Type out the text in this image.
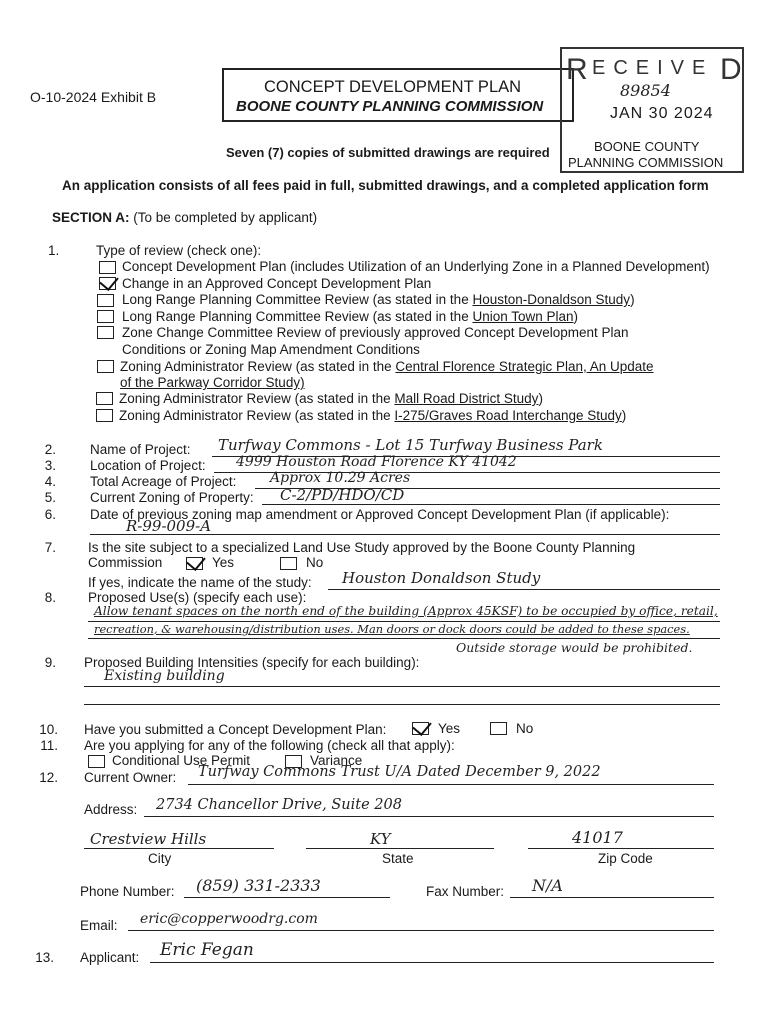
O-10-2024 Exhibit B
CONCEPT DEVELOPMENT PLAN
BOONE COUNTY PLANNING COMMISSION
R ECEIVE D
89854
JAN 30 2024
BOONE COUNTY
PLANNING COMMISSION
Seven (7) copies of submitted drawings are required
An application consists of all fees paid in full, submitted drawings, and a completed application form
SECTION A: (To be completed by applicant)
1.	Type of review (check one):
Concept Development Plan (includes Utilization of an Underlying Zone in a Planned Development)
Change in an Approved Concept Development Plan
Long Range Planning Committee Review (as stated in the Houston-Donaldson Study)
Long Range Planning Committee Review (as stated in the Union Town Plan)
Zone Change Committee Review of previously approved Concept Development Plan
Conditions or Zoning Map Amendment Conditions
Zoning Administrator Review (as stated in the Central Florence Strategic Plan, An Update
of the Parkway Corridor Study)
Zoning Administrator Review (as stated in the Mall Road District Study)
Zoning Administrator Review (as stated in the I-275/Graves Road Interchange Study)
2.	Name of Project: Turfway Commons - Lot 15 Turfway Business Park
3.	Location of Project: 4999 Houston Road Florence KY 41042
4.	Total Acreage of Project: Approx 10.29 Acres
5.	Current Zoning of Property: C-2/PD/HDO/CD
6.	Date of previous zoning map amendment or Approved Concept Development Plan (if applicable):
R-99-009-A
7. Is the site subject to a specialized Land Use Study approved by the Boone County Planning
Commission	Yes	No
If yes, indicate the name of the study: Houston Donaldson Study
8. Proposed Use(s) (specify each use):
Allow tenant spaces on the north end of the building (Approx 45KSF) to be occupied by office, retail,
recreation, & warehousing/distribution uses. Man doors or dock doors could be added to these spaces.
Outside storage would be prohibited.
9. Proposed Building Intensities (specify for each building):
Existing building
10. Have you submitted a Concept Development Plan:	Yes	No
11. Are you applying for any of the following (check all that apply):
Conditional Use Permit	Variance
12. Current Owner: Turfway Commons Trust U/A Dated December 9, 2022
Address: 2734 Chancellor Drive, Suite 208
Crestview Hills	KY	41017
City	State	Zip Code
Phone Number: (859) 331-2333	Fax Number: N/A
Email: eric@copperwoodrg.com
13. Applicant: Eric Fegan
